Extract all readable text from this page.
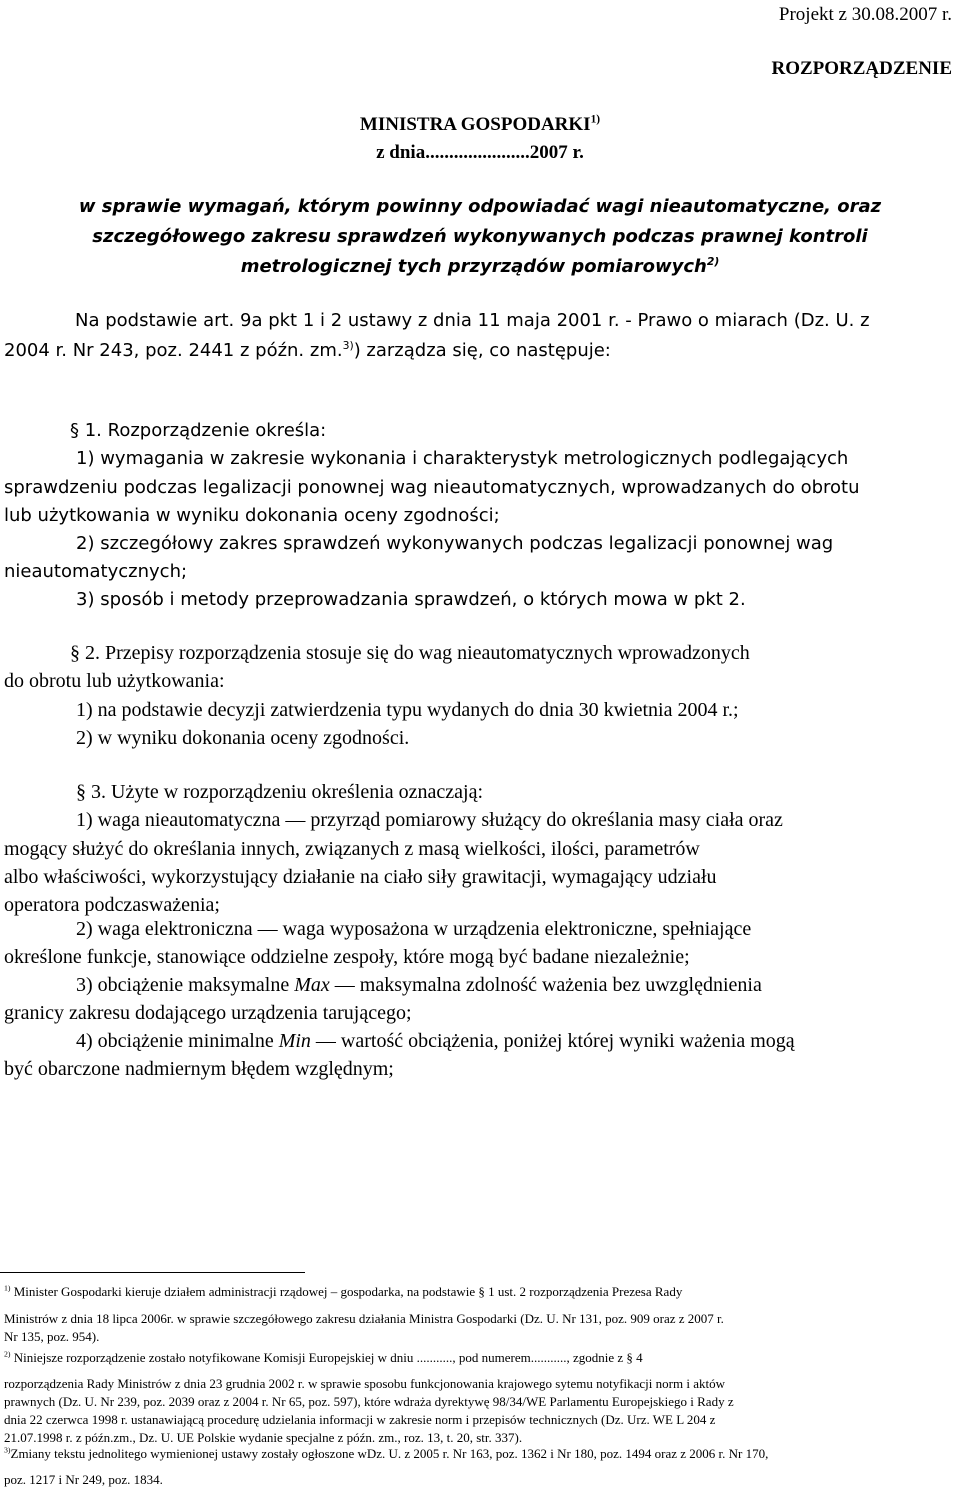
Projekt z 30.08.2007 r.
ROZPORZĄDZENIE
MINISTRA GOSPODARKI$^{1)}$
z dnia......................2007 r.
w sprawie wymagań, którym powinny odpowiadać wagi nieautomatyczne, oraz
szczegółowego zakresu sprawdzeń wykonywanych podczas prawnej kontroli
metrologicznej tych przyrządów pomiarowych$^{2)}$
Na podstawie art. 9a pkt 1 i 2 ustawy z dnia 11 maja 2001 r. - Prawo o miarach (Dz. U. z
2004 r. Nr 243, poz. 2441 z późn. zm.$^{3)}$) zarządza się, co następuje:
§ 1. Rozporządzenie określa:
1) wymagania w zakresie wykonania i charakterystyk metrologicznych podlegających
sprawdzeniu podczas legalizacji ponownej wag nieautomatycznych, wprowadzanych do obrotu
lub użytkowania w wyniku dokonania oceny zgodności;
2) szczegółowy zakres sprawdzeń wykonywanych podczas legalizacji ponownej wag
nieautomatycznych;
3) sposób i metody przeprowadzania sprawdzeń, o których mowa w pkt 2.
§ 2. Przepisy rozporządzenia stosuje się do wag nieautomatycznych wprowadzonych
do obrotu lub użytkowania:
1) na podstawie decyzji zatwierdzenia typu wydanych do dnia 30 kwietnia 2004 r.;
2) w wyniku dokonania oceny zgodności.
§ 3. Użyte w rozporządzeniu określenia oznaczają:
1) waga nieautomatyczna — przyrząd pomiarowy służący do określania masy ciała oraz
mogący służyć do określania innych, związanych z masą wielkości, ilości, parametrów
albo właściwości, wykorzystujący działanie na ciało siły grawitacji, wymagający udziału
operatora podczasważenia;
2) waga elektroniczna — waga wyposażona w urządzenia elektroniczne, spełniające
określone funkcje, stanowiące oddzielne zespoły, które mogą być badane niezależnie;
3) obciążenie maksymalne Max — maksymalna zdolność ważenia bez uwzględnienia
granicy zakresu dodającego urządzenia tarującego;
4) obciążenie minimalne Min — wartość obciążenia, poniżej której wyniki ważenia mogą
być obarczone nadmiernym błędem względnym;
$^{1)}$ Minister Gospodarki kieruje działem administracji rządowej – gospodarka, na podstawie § 1 ust. 2 rozporządzenia Prezesa Rady
Ministrów z dnia 18 lipca 2006r. w sprawie szczegółowego zakresu działania Ministra Gospodarki (Dz. U. Nr 131, poz. 909 oraz z 2007 r.
Nr 135, poz. 954).
$^{2)}$ Niniejsze rozporządzenie zostało notyfikowane Komisji Europejskiej w dniu ..........., pod numerem..........., zgodnie z § 4
rozporządzenia Rady Ministrów z dnia 23 grudnia 2002 r. w sprawie sposobu funkcjonowania krajowego sytemu notyfikacji norm i aktów
prawnych (Dz. U. Nr 239, poz. 2039 oraz z 2004 r. Nr 65, poz. 597), które wdraża dyrektywę 98/34/WE Parlamentu Europejskiego i Rady z
dnia 22 czerwca 1998 r. ustanawiającą procedurę udzielania informacji w zakresie norm i przepisów technicznych (Dz. Urz. WE L 204 z
21.07.1998 r. z późn.zm., Dz. U. UE Polskie wydanie specjalne z późn. zm., roz. 13, t. 20, str. 337).
$^{3)}$Zmiany tekstu jednolitego wymienionej ustawy zostały ogłoszone wDz. U. z 2005 r. Nr 163, poz. 1362 i Nr 180, poz. 1494 oraz z 2006 r. Nr 170,
poz. 1217 i Nr 249, poz. 1834.
